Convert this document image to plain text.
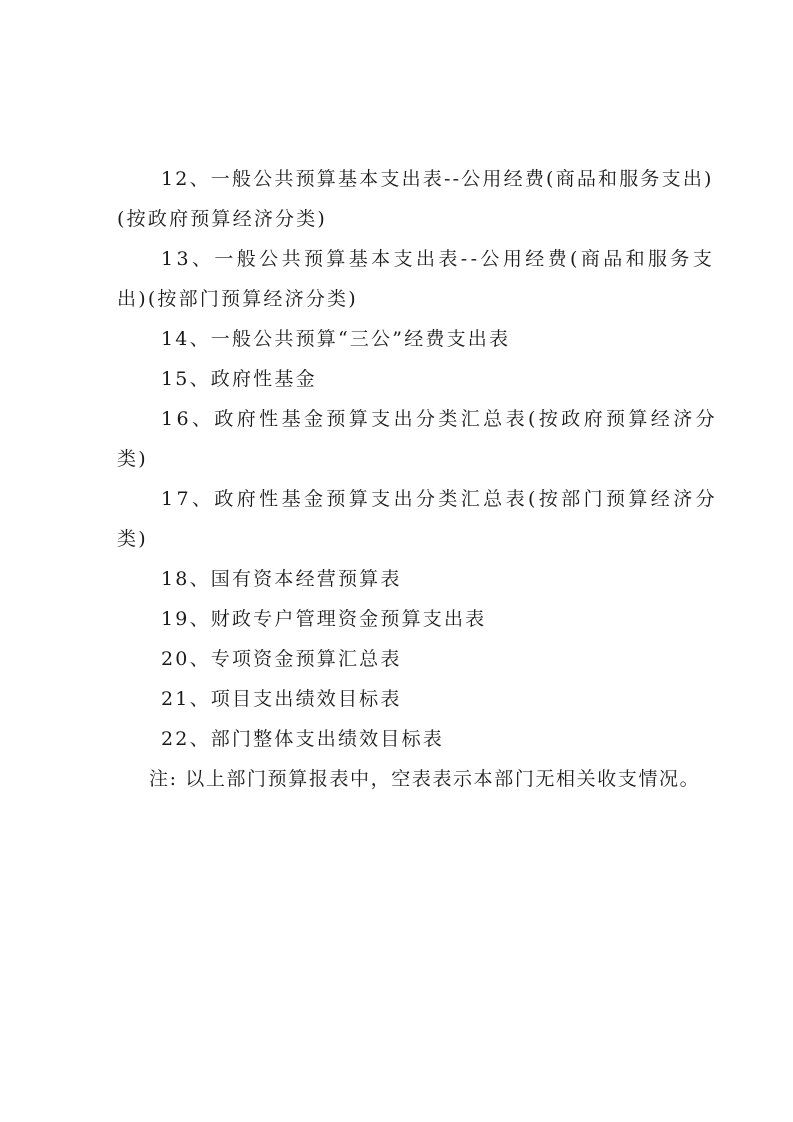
12、一般公共预算基本支出表--公用经费(商品和服务支出)
(按政府预算经济分类)
13、一般公共预算基本支出表--公用经费(商品和服务支
出)(按部门预算经济分类)
14、一般公共预算“三公”经费支出表
15、政府性基金
16、政府性基金预算支出分类汇总表(按政府预算经济分
类)
17、政府性基金预算支出分类汇总表(按部门预算经济分
类)
18、国有资本经营预算表
19、财政专户管理资金预算支出表
20、专项资金预算汇总表
21、项目支出绩效目标表
22、部门整体支出绩效目标表
注: 以上部门预算报表中，空表表示本部门无相关收支情况。
